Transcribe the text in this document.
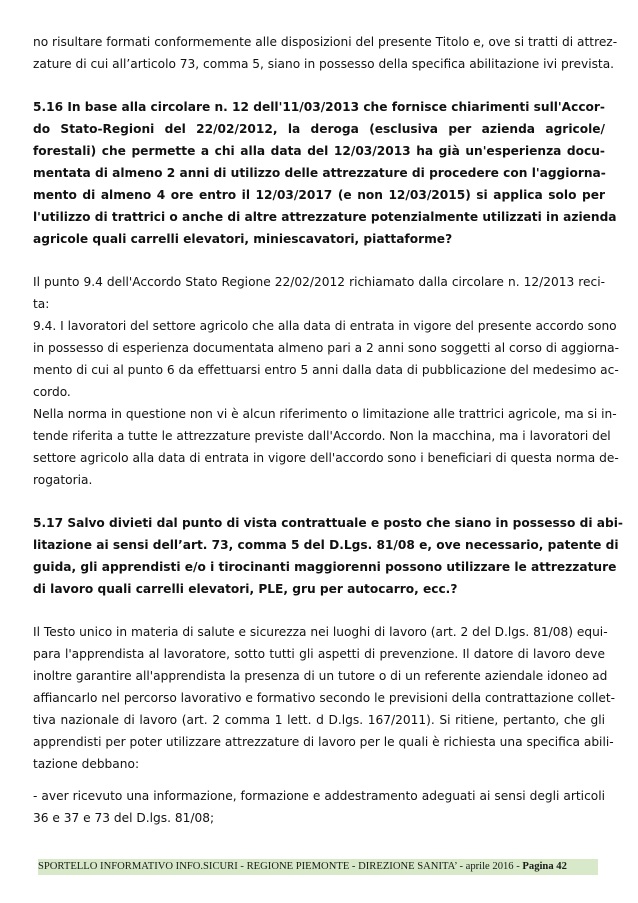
no risultare formati conformemente alle disposizioni del presente Titolo e, ove si tratti di attrez-
zature di cui all’articolo 73, comma 5, siano in possesso della specifica abilitazione ivi prevista.
5.16 In base alla circolare n. 12 dell'11/03/2013 che fornisce chiarimenti sull'Accor-
do Stato-Regioni del 22/02/2012, la deroga (esclusiva per azienda agricole/
forestali) che permette a chi alla data del 12/03/2013 ha già un'esperienza docu-
mentata di almeno 2 anni di utilizzo delle attrezzature di procedere con l'aggiorna-
mento di almeno 4 ore entro il 12/03/2017 (e non 12/03/2015) si applica solo per
l'utilizzo di trattrici o anche di altre attrezzature potenzialmente utilizzati in azienda
agricole quali carrelli elevatori, miniescavatori, piattaforme?
Il punto 9.4 dell'Accordo Stato Regione 22/02/2012 richiamato dalla circolare n. 12/2013 reci-
ta:
9.4. I lavoratori del settore agricolo che alla data di entrata in vigore del presente accordo sono
in possesso di esperienza documentata almeno pari a 2 anni sono soggetti al corso di aggiorna-
mento di cui al punto 6 da effettuarsi entro 5 anni dalla data di pubblicazione del medesimo ac-
cordo.
Nella norma in questione non vi è alcun riferimento o limitazione alle trattrici agricole, ma si in-
tende riferita a tutte le attrezzature previste dall'Accordo. Non la macchina, ma i lavoratori del
settore agricolo alla data di entrata in vigore dell'accordo sono i beneficiari di questa norma de-
rogatoria.
5.17 Salvo divieti dal punto di vista contrattuale e posto che siano in possesso di abi-
litazione ai sensi dell’art. 73, comma 5 del D.Lgs. 81/08 e, ove necessario, patente di
guida, gli apprendisti e/o i tirocinanti maggiorenni possono utilizzare le attrezzature
di lavoro quali carrelli elevatori, PLE, gru per autocarro, ecc.?
Il Testo unico in materia di salute e sicurezza nei luoghi di lavoro (art. 2 del D.lgs. 81/08) equi-
para l'apprendista al lavoratore, sotto tutti gli aspetti di prevenzione. Il datore di lavoro deve
inoltre garantire all'apprendista la presenza di un tutore o di un referente aziendale idoneo ad
affiancarlo nel percorso lavorativo e formativo secondo le previsioni della contrattazione collet-
tiva nazionale di lavoro (art. 2 comma 1 lett. d D.lgs. 167/2011). Si ritiene, pertanto, che gli
apprendisti per poter utilizzare attrezzature di lavoro per le quali è richiesta una specifica abili-
tazione debbano:
- aver ricevuto una informazione, formazione e addestramento adeguati ai sensi degli articoli
36 e 37 e 73 del D.lgs. 81/08;
SPORTELLO INFORMATIVO INFO.SICURI - REGIONE PIEMONTE - DIREZIONE SANITA’ - aprile 2016 - Pagina 42
